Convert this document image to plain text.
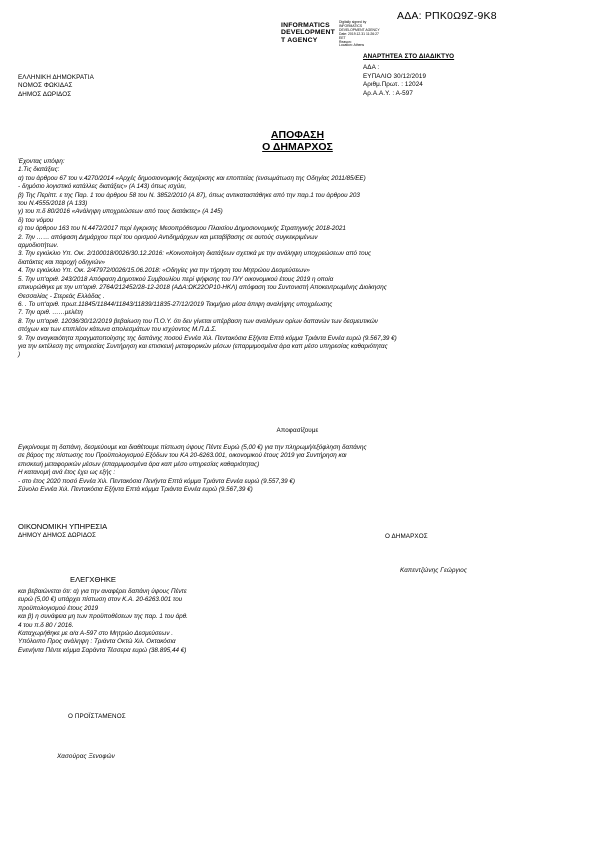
ΑΔΑ: ΡΠΚ0Ω9Ζ-9Κ8
INFORMATICS
DEVELOPMENT
T AGENCY
Digitally signed by
INFORMATICS
DEVELOPMENT AGENCY
Date: 2019.12.31 11:26:27
EET
Reason:
Location: Athens
ΕΛΛΗΝΙΚΗ ΔΗΜΟΚΡΑΤΙΑ
ΝΟΜΟΣ ΦΩΚΙΔΑΣ
ΔΗΜΟΣ ΔΩΡΙΔΟΣ
ΑΝΑΡΤΗΤΕΑ ΣΤΟ ΔΙΑΔΙΚΤΥΟ
ΑΔΑ :
ΕΥΠΑΛΙΟ 30/12/2019
Αριθμ.Πρωτ. : 12024
Αρ.Α.Α.Υ. : Α-597
ΑΠΟΦΑΣΗ
Ο ΔΗΜΑΡΧΟΣ
Έχοντας υπόψη:
1.Τις διατάξεις:
α) του άρθρου 67 του ν.4270/2014 «Αρχές δημοσιονομικής διαχείρισης και εποπτείας (ενσωμάτωση της Οδηγίας 2011/85/ΕΕ)
- δημόσιο λογιστικό κατάλλες διατάξεις» (Α 143) όπως ισχύει,
β) Της Περίπτ. ε της Παρ. 1 του άρθρου 58 του Ν. 3852/2010 (Α 87), όπως αντικαταστάθηκε από την παρ.1 του άρθρου 203
του Ν.4555/2018 (Α 133)
γ) του π.δ 80/2016 «Ανάληψη υποχρεώσεων από τους διατάκτες» (Α 145)
δ) του νόμου
ε) του άρθρου 163 του Ν.4472/2017 περί έγκρισης Μεσοπρόθεσμου Πλαισίου Δημοσιονομικής Στρατηγικής 2018-2021
2. Την …… απόφαση Δημάρχου περί του ορισμού Αντιδημάρχων και μεταβίβασης σε αυτούς συγκεκριμένων
αρμοδιοτήτων.
3. Την εγκύκλιο Υπ. Οικ. 2/100018/0026/30.12.2016: «Κοινοποίηση διατάξεων σχετικά με την ανάληψη υποχρεώσεων από τους
διατάκτες και παροχή οδηγιών»
4. Την εγκύκλιο Υπ. Οικ. 2/47972/0026/15.06.2018: «Οδηγίες για την τήρηση του Μητρώου Δεσμεύσεων»
5. Την υπ'αριθ. 243/2018 Απόφαση Δημοτικού Συμβουλίου περί ψήφισης του Π/Υ οικονομικού έτους 2019 η οποία
επικυρώθηκε με την υπ'αριθ. 2764/212452/28-12-2018 (ΑΔΑ:ΩΚ22ΟΡ10-ΗΚΛ) απόφαση του Συντονιστή Αποκεντρωμένης Διοίκησης
Θεσσαλίας - Στερεάς Ελλάδας .
6. . Το υπ'αριθ. πρωτ.11845/11844/11843/11839/11835-27/12/2019 Τεκμήριο μέσα άπιψη αναλήψης υποχρέωσης
7. Την αριθ. ……μελέτη
8. Την υπ'αριθ. 12036/30/12/2019 βεβαίωση του Π.Ο.Υ. ότι δεν γίνεται υπέρβαση των αναλόγων ορίων δαπανών των δεσμευτικών
στόχων και των επιπλέον κάτωνα απολεσμάτων του ισχύοντος Μ.Π.Δ.Σ.
9. Την αναγκαιότητα πραγματοποίησης της δαπάνης ποσού Εννέα Χιλ. Πεντακόσια Εξήντα Επτά κόμμα Τριάντα Εννέα ευρώ (9.567,39 €)
για την εκτέλεση της υπηρεσίας Συντήρηση και επισκευή μεταφορικών μέσων (επαρμιμοσμένα άρα καπ μέσο υπηρεσίας καθαριότητας
)
Αποφασίζουμε
Εγκρίνουμε τη δαπάνη, δεσμεύουμε και διαθέτουμε πίστωση ύψους Πέντε Ευρώ (5,00 €) για την πληρωμή/εξόφληση δαπάνης
σε βάρος της πίστωσης του Προϋπολογισμού Εξόδων του ΚΑ 20-6263.001, οικονομικού έτους 2019 για Συντήρηση και
επισκευή μεταφορικών μέσων (επαρμιμοσμένα άρα καπ μέσο υπηρεσίας καθαριότητας)
Η κατανομή ανά έτος έχει ως εξής :
- στο έτος 2020 ποσό Εννέα Χιλ. Πεντακόσια Πενήντα Επτά κόμμα Τριάντα Εννέα ευρώ (9.557,39 €)
Σύνολο Εννέα Χιλ. Πεντακόσια Εξήντα Επτά κόμμα Τριάντα Εννέα ευρώ (9.567,39 €)
ΟΙΚΟΝΟΜΙΚΗ ΥΠΗΡΕΣΙΑ
ΔΗΜΟΥ ΔΗΜΟΣ ΔΩΡΙΔΟΣ	Ο ΔΗΜΑΡΧΟΣ
Καπεντζώνης Γεώργιος
ΕΛΕΓΧΘΗΚΕ
και βεβαιώνεται ότι: α) για την αναφέρει δαπάνη ύψους Πέντε
ευρώ (5,00 €) υπάρχει πίστωση στον Κ.Α. 20-6263.001 του
προϋπολογισμού έτους 2019
και β) η συνάφεια μη των προϋποθέσεων της παρ. 1 του άρθ.
4 του π.δ 80 / 2016.
Καταχωρήθηκε με α/α Α-597 στο Μητρώο Δεσμεύσεων .
Υπόλοιπο Προς ανάληψη : Τριάντα Οκτώ Χιλ. Οκτακόσια
Ενενήντα Πέντε κόμμα Σαράντα Τέσσερα ευρώ (38.895,44 €)
Ο ΠΡΟΪΣΤΑΜΕΝΟΣ
Χασούρας Ξενοφών
